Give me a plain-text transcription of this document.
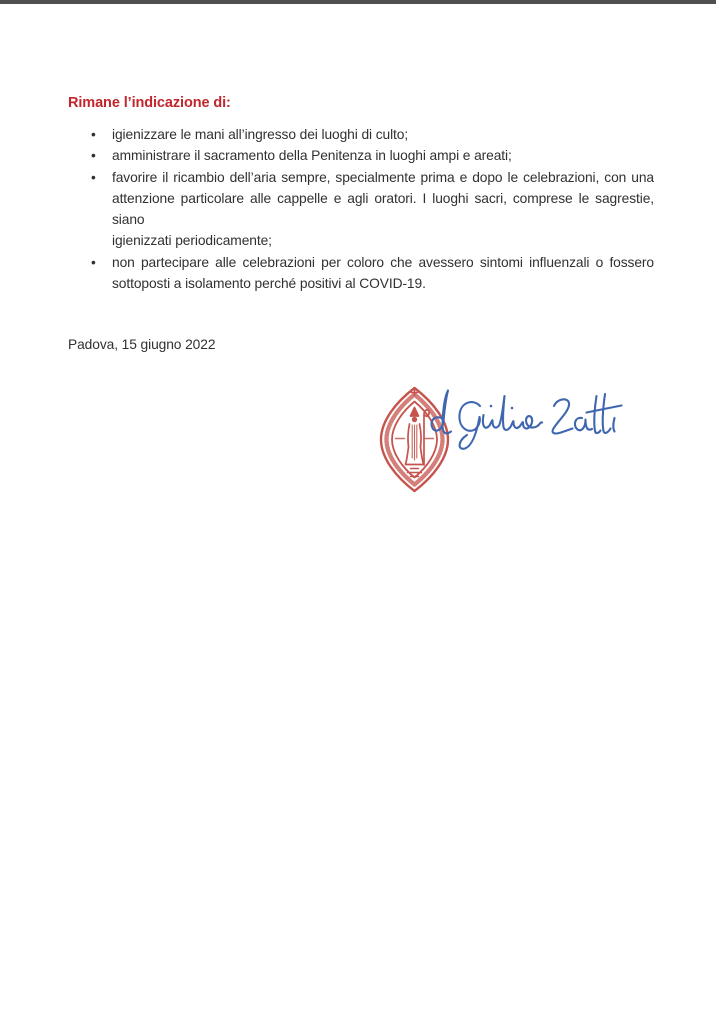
Rimane l’indicazione di:
• igienizzare le mani all’ingresso dei luoghi di culto;
• amministrare il sacramento della Penitenza in luoghi ampi e areati;
• favorire il ricambio dell’aria sempre, specialmente prima e dopo le celebrazioni, con una
attenzione particolare alle cappelle e agli oratori. I luoghi sacri, comprese le sagrestie, siano
igienizzati periodicamente;
• non partecipare alle celebrazioni per coloro che avessero sintomi influenzali o fossero
sottoposti a isolamento perché positivi al COVID-19.
Padova, 15 giugno 2022
